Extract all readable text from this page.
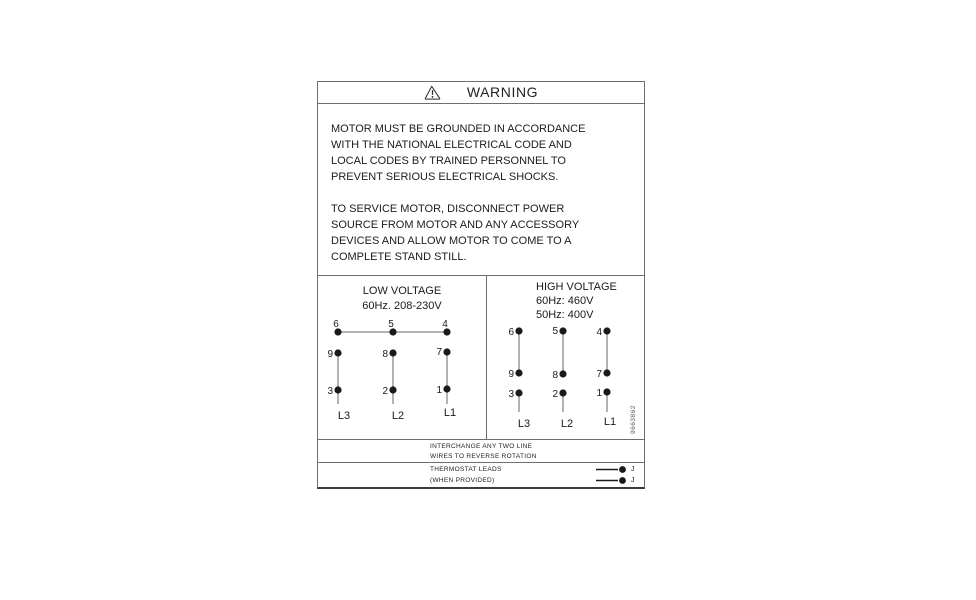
WARNING
MOTOR MUST BE GROUNDED IN ACCORDANCE
WITH THE NATIONAL ELECTRICAL CODE AND
LOCAL CODES BY TRAINED PERSONNEL TO
PREVENT SERIOUS ELECTRICAL SHOCKS.
TO SERVICE MOTOR, DISCONNECT POWER
SOURCE FROM MOTOR AND ANY ACCESSORY
DEVICES AND ALLOW MOTOR TO COME TO A
COMPLETE STAND STILL.
LOW VOLTAGE
60Hz. 208-230V
6	5	4
9	8	7
3	2	1
L3	L2	L1
HIGH VOLTAGE
60Hz: 460V
50Hz: 400V
6	5	4
9	8	7
3	2	1
L3	L2	L1 9663862
INTERCHANGE ANY TWO LINE
WIRES TO REVERSE ROTATION
THERMOSTAT LEADS	J
(WHEN PROVIDED)	J
